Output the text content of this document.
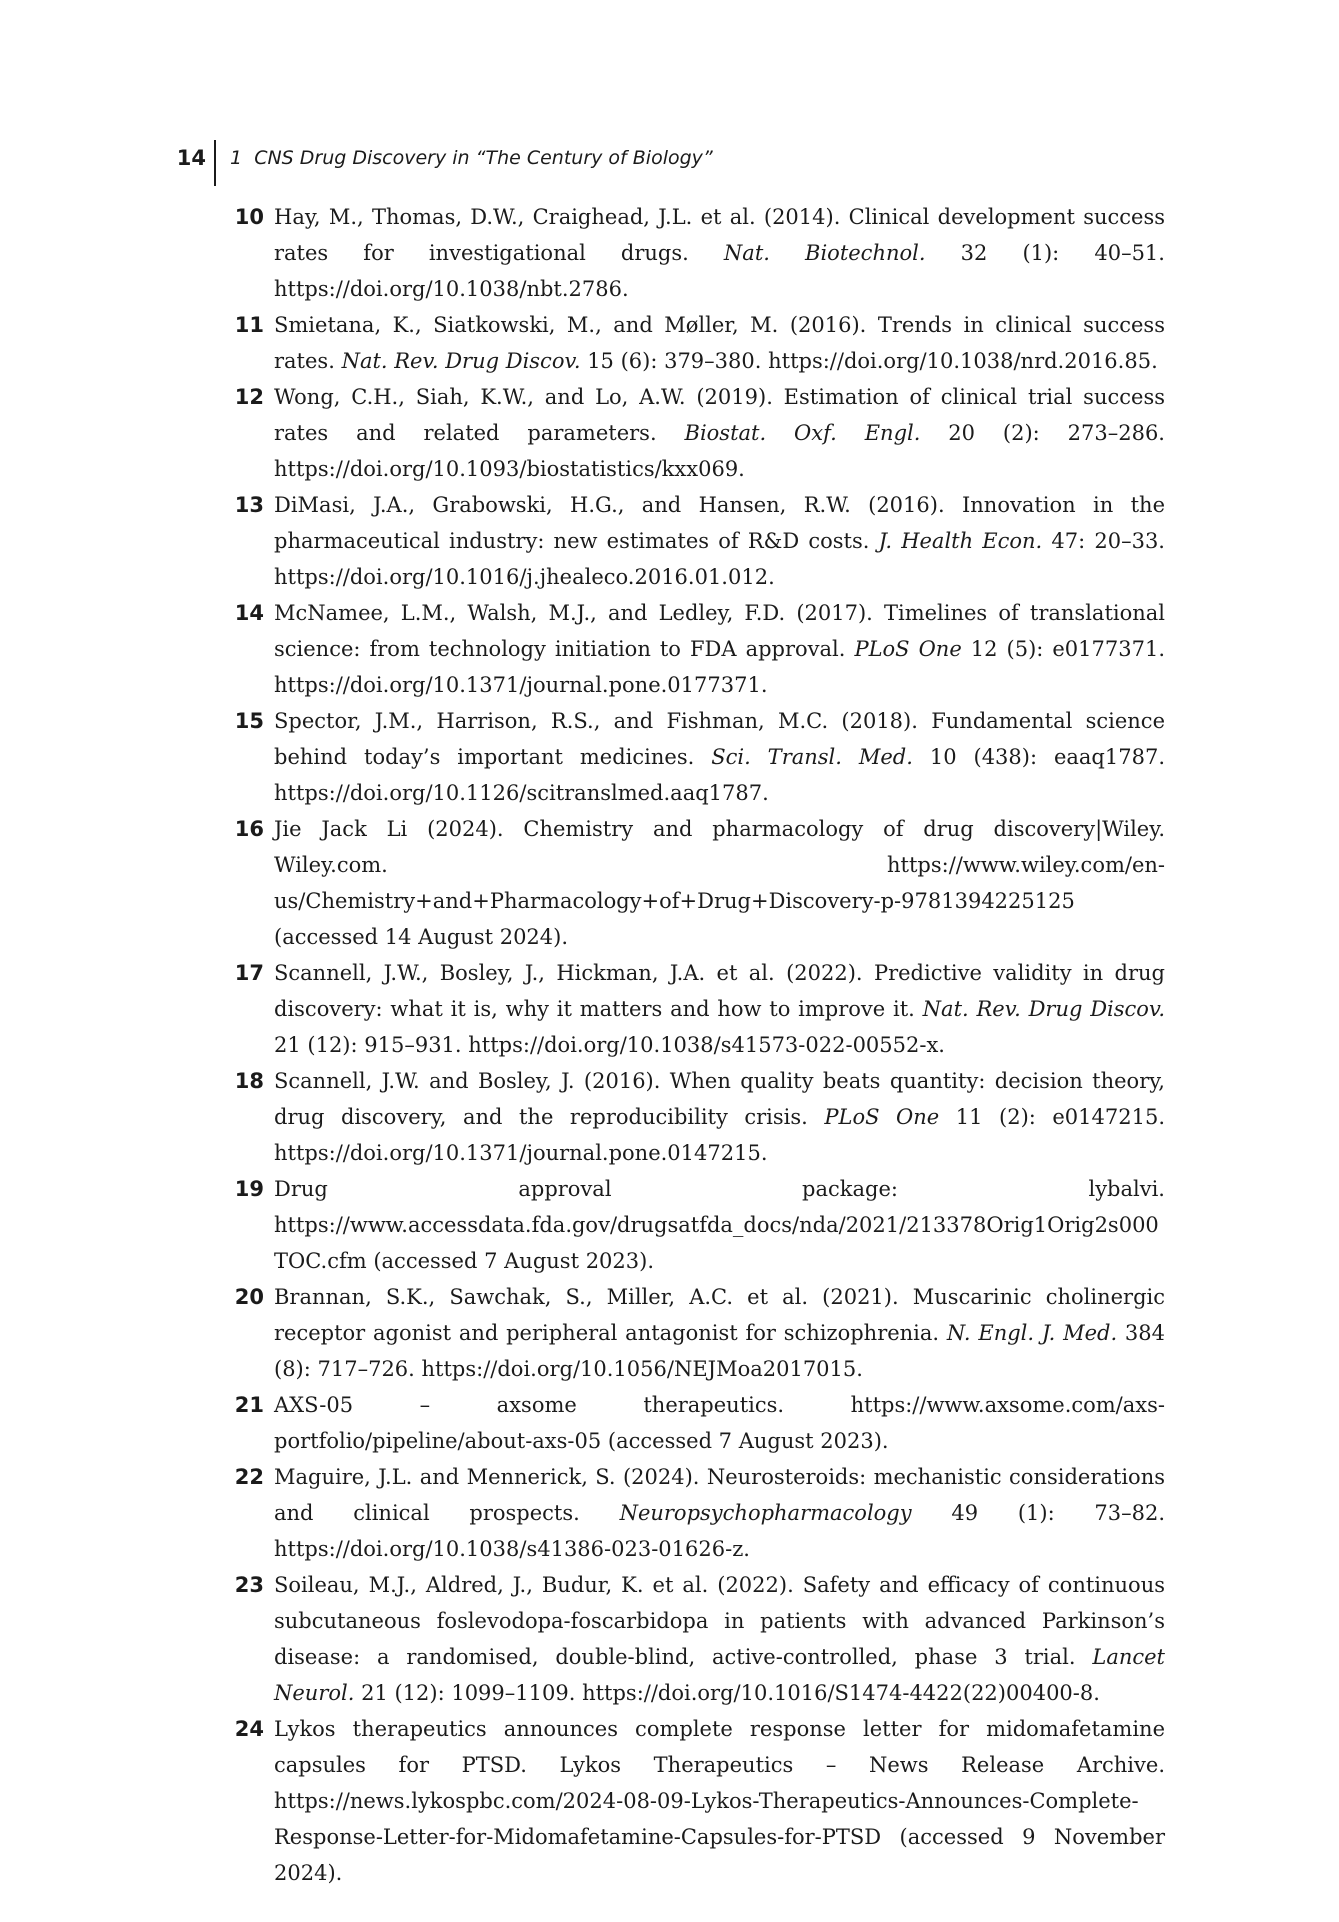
14 1 CNS Drug Discovery in “The Century of Biology”
10 Hay, M., Thomas, D.W., Craighead, J.L. et al. (2014). Clinical development success rates for investigational drugs. Nat. Biotechnol. 32 (1): 40–51. https://doi.org/10.1038/nbt.2786.
11 Smietana, K., Siatkowski, M., and Møller, M. (2016). Trends in clinical success rates. Nat. Rev. Drug Discov. 15 (6): 379–380. https://doi.org/10.1038/nrd.2016.85.
12 Wong, C.H., Siah, K.W., and Lo, A.W. (2019). Estimation of clinical trial success rates and related parameters. Biostat. Oxf. Engl. 20 (2): 273–286. https://doi.org/10.1093/biostatistics/kxx069.
13 DiMasi, J.A., Grabowski, H.G., and Hansen, R.W. (2016). Innovation in the pharmaceutical industry: new estimates of R&D costs. J. Health Econ. 47: 20–33. https://doi.org/10.1016/j.jhealeco.2016.01.012.
14 McNamee, L.M., Walsh, M.J., and Ledley, F.D. (2017). Timelines of translational science: from technology initiation to FDA approval. PLoS One 12 (5): e0177371. https://doi.org/10.1371/journal.pone.0177371.
15 Spector, J.M., Harrison, R.S., and Fishman, M.C. (2018). Fundamental science behind today’s important medicines. Sci. Transl. Med. 10 (438): eaaq1787. https://doi.org/10.1126/scitranslmed.aaq1787.
16 Jie Jack Li (2024). Chemistry and pharmacology of drug discovery|Wiley. Wiley.com. https://www.wiley.com/en-us/Chemistry+and+Pharmacology+of+Drug+Discovery-p-9781394225125 (accessed 14 August 2024).
17 Scannell, J.W., Bosley, J., Hickman, J.A. et al. (2022). Predictive validity in drug discovery: what it is, why it matters and how to improve it. Nat. Rev. Drug Discov. 21 (12): 915–931. https://doi.org/10.1038/s41573-022-00552-x.
18 Scannell, J.W. and Bosley, J. (2016). When quality beats quantity: decision theory, drug discovery, and the reproducibility crisis. PLoS One 11 (2): e0147215. https://doi.org/10.1371/journal.pone.0147215.
19 Drug approval package: lybalvi. https://www.accessdata.fda.gov/drugsatfda_docs/nda/2021/213378Orig1Orig2s000TOC.cfm (accessed 7 August 2023).
20 Brannan, S.K., Sawchak, S., Miller, A.C. et al. (2021). Muscarinic cholinergic receptor agonist and peripheral antagonist for schizophrenia. N. Engl. J. Med. 384 (8): 717–726. https://doi.org/10.1056/NEJMoa2017015.
21 AXS-05 – axsome therapeutics. https://www.axsome.com/axs-portfolio/pipeline/about-axs-05 (accessed 7 August 2023).
22 Maguire, J.L. and Mennerick, S. (2024). Neurosteroids: mechanistic considerations and clinical prospects. Neuropsychopharmacology 49 (1): 73–82. https://doi.org/10.1038/s41386-023-01626-z.
23 Soileau, M.J., Aldred, J., Budur, K. et al. (2022). Safety and efficacy of continuous subcutaneous foslevodopa-foscarbidopa in patients with advanced Parkinson’s disease: a randomised, double-blind, active-controlled, phase 3 trial. Lancet Neurol. 21 (12): 1099–1109. https://doi.org/10.1016/S1474-4422(22)00400-8.
24 Lykos therapeutics announces complete response letter for midomafetamine capsules for PTSD. Lykos Therapeutics – News Release Archive. https://news.lykospbc.com/2024-08-09-Lykos-Therapeutics-Announces-Complete-Response-Letter-for-Midomafetamine-Capsules-for-PTSD (accessed 9 November 2024).
